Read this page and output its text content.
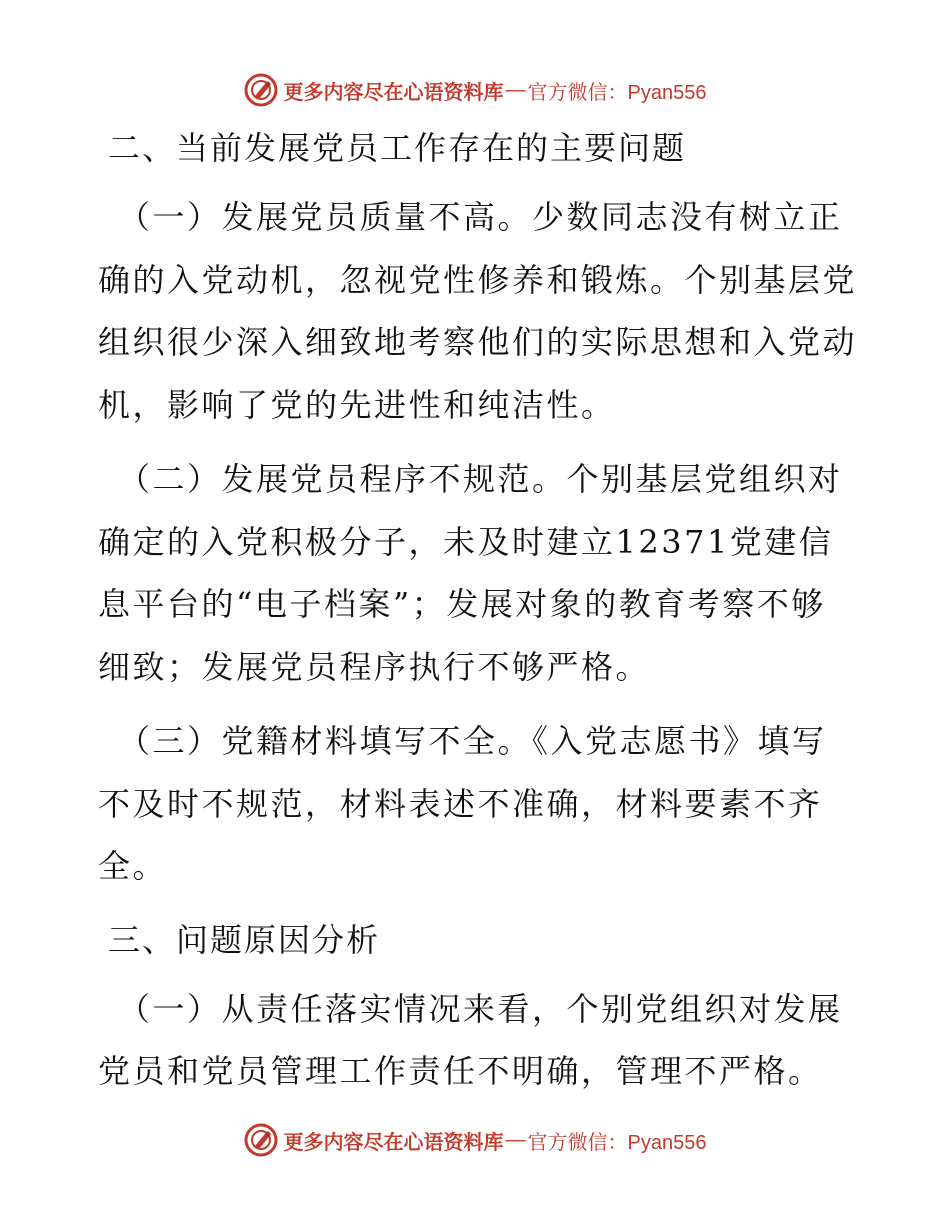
更多内容尽在心语资料库 — 官方微信：Pyan556
二、当前发展党员工作存在的主要问题

（一）发展党员质量不高。少数同志没有树立正确的入党动机，忽视党性修养和锻炼。个别基层党组织很少深入细致地考察他们的实际思想和入党动机，影响了党的先进性和纯洁性。

（二）发展党员程序不规范。个别基层党组织对确定的入党积极分子，未及时建立12371党建信息平台的“电子档案”；发展对象的教育考察不够细致；发展党员程序执行不够严格。

（三）党籍材料填写不全。《入党志愿书》填写不及时不规范，材料表述不准确，材料要素不齐全。

三、问题原因分析

（一）从责任落实情况来看，个别党组织对发展党员和党员管理工作责任不明确，管理不严格。

更多内容尽在心语资料库 — 官方微信：Pyan556
